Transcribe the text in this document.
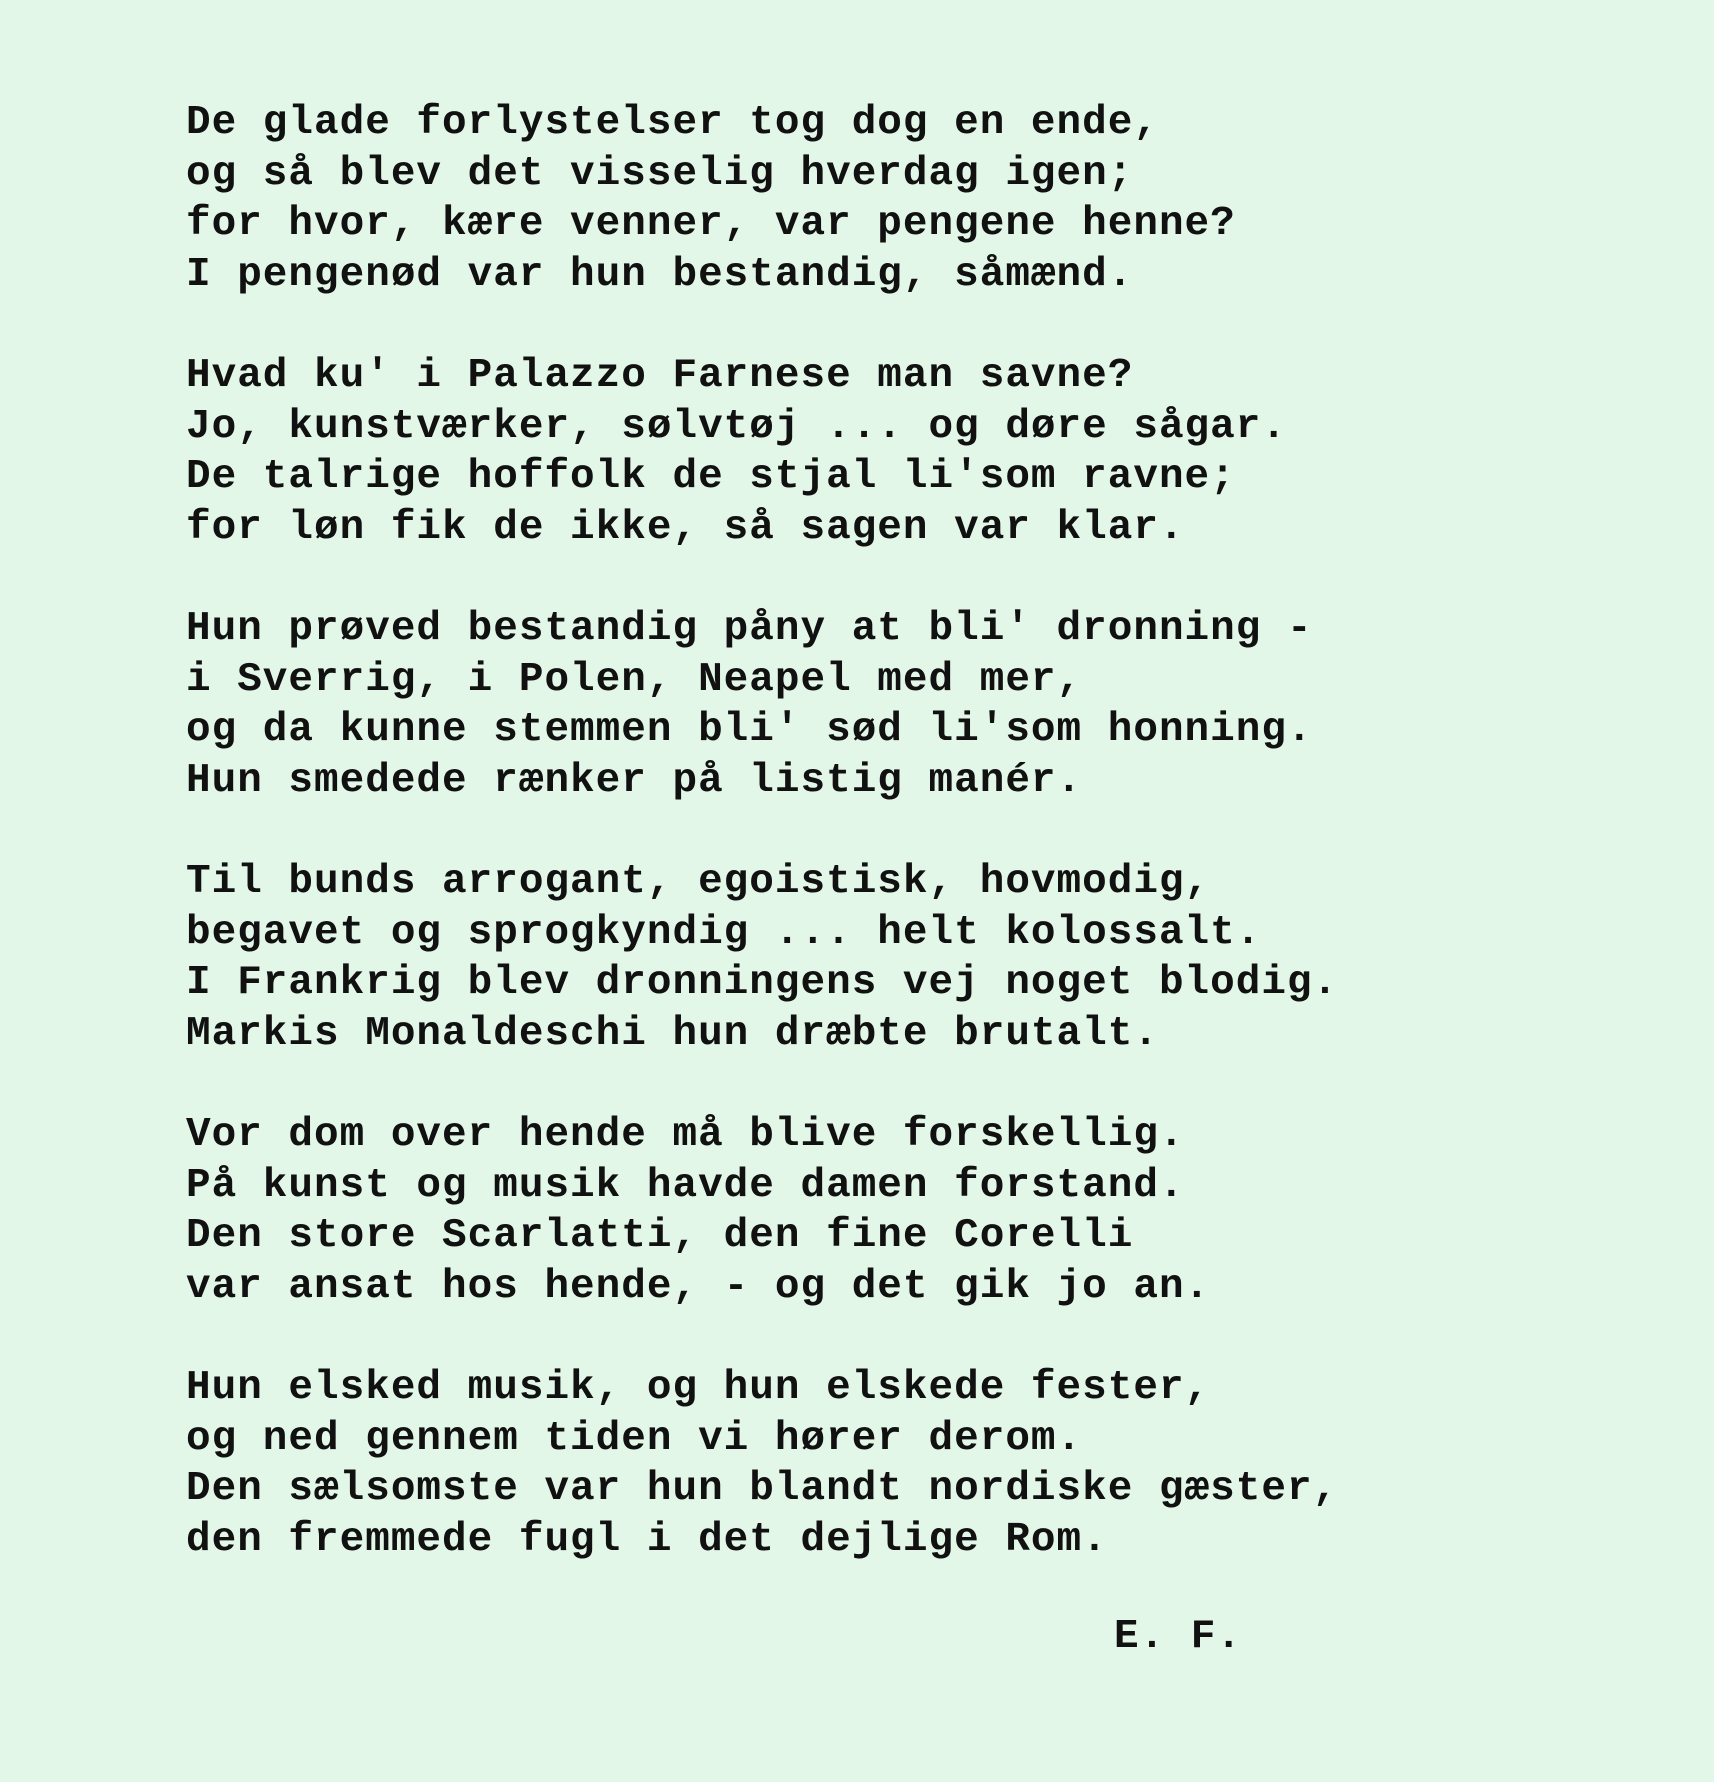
De glade forlystelser tog dog en ende,
og så blev det visselig hverdag igen;
for hvor, kære venner, var pengene henne?
I pengenød var hun bestandig, såmænd.
Hvad ku' i Palazzo Farnese man savne?
Jo, kunstværker, sølvtøj ... og døre sågar.
De talrige hoffolk de stjal li'som ravne;
for løn fik de ikke, så sagen var klar.
Hun prøved bestandig påny at bli' dronning -
i Sverrig, i Polen, Neapel med mer,
og da kunne stemmen bli' sød li'som honning.
Hun smedede rænker på listig manér.
Til bunds arrogant, egoistisk, hovmodig,
begavet og sprogkyndig ... helt kolossalt.
I Frankrig blev dronningens vej noget blodig.
Markis Monaldeschi hun dræbte brutalt.
Vor dom over hende må blive forskellig.
På kunst og musik havde damen forstand.
Den store Scarlatti, den fine Corelli
var ansat hos hende, - og det gik jo an.
Hun elsked musik, og hun elskede fester,
og ned gennem tiden vi hører derom.
Den sælsomste var hun blandt nordiske gæster,
den fremmede fugl i det dejlige Rom.
E. F.
